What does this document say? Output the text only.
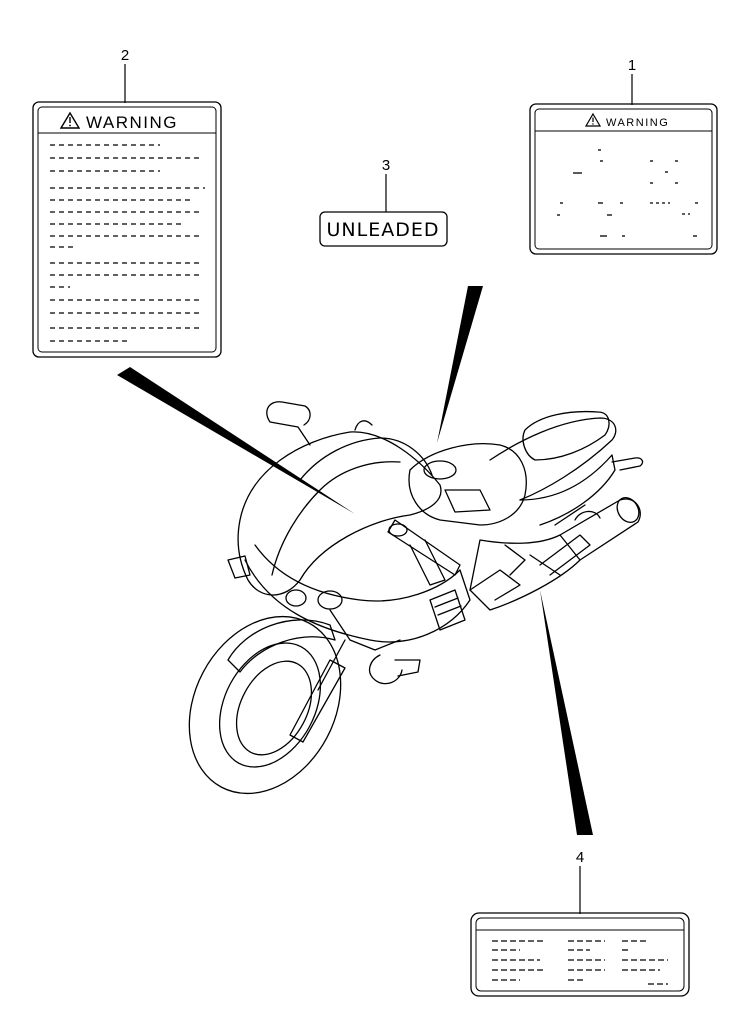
2
WARNING
3
UNLEADED
1
WARNING
4
